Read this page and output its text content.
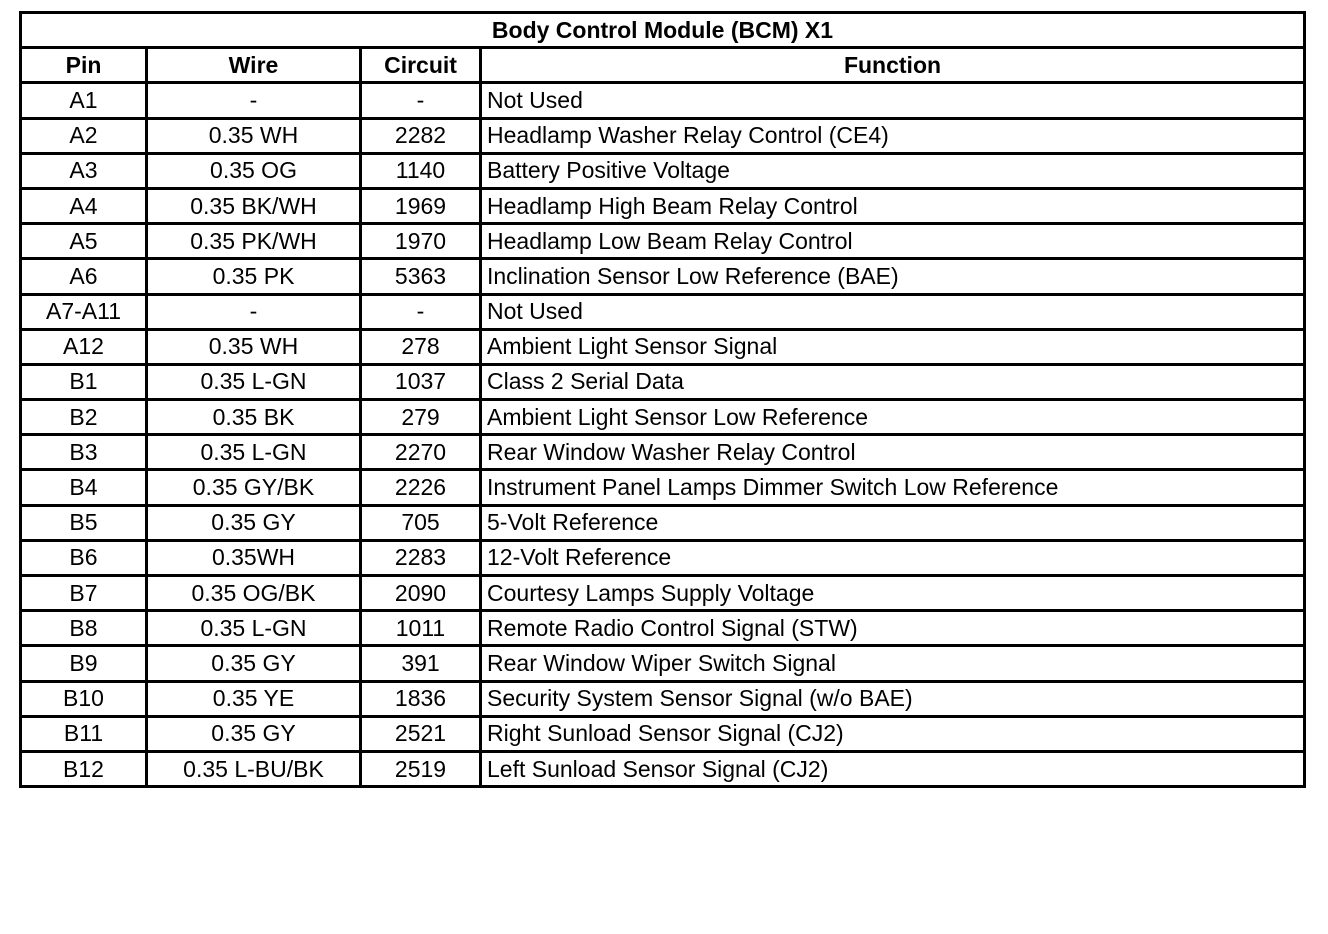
Body Control Module (BCM) X1			
Pin	Wire	Circuit	Function
A1	-	-	Not Used
A2	0.35 WH	2282	Headlamp Washer Relay Control (CE4)
A3	0.35 OG	1140	Battery Positive Voltage
A4	0.35 BK/WH	1969	Headlamp High Beam Relay Control
A5	0.35 PK/WH	1970	Headlamp Low Beam Relay Control
A6	0.35 PK	5363	Inclination Sensor Low Reference (BAE)
A7-A11	-	-	Not Used
A12	0.35 WH	278	Ambient Light Sensor Signal
B1	0.35 L-GN	1037	Class 2 Serial Data
B2	0.35 BK	279	Ambient Light Sensor Low Reference
B3	0.35 L-GN	2270	Rear Window Washer Relay Control
B4	0.35 GY/BK	2226	Instrument Panel Lamps Dimmer Switch Low Reference
B5	0.35 GY	705	5-Volt Reference
B6	0.35WH	2283	12-Volt Reference
B7	0.35 OG/BK	2090	Courtesy Lamps Supply Voltage
B8	0.35 L-GN	1011	Remote Radio Control Signal (STW)
B9	0.35 GY	391	Rear Window Wiper Switch Signal
B10	0.35 YE	1836	Security System Sensor Signal (w/o BAE)
B11	0.35 GY	2521	Right Sunload Sensor Signal (CJ2)
B12	0.35 L-BU/BK	2519	Left Sunload Sensor Signal (CJ2)
